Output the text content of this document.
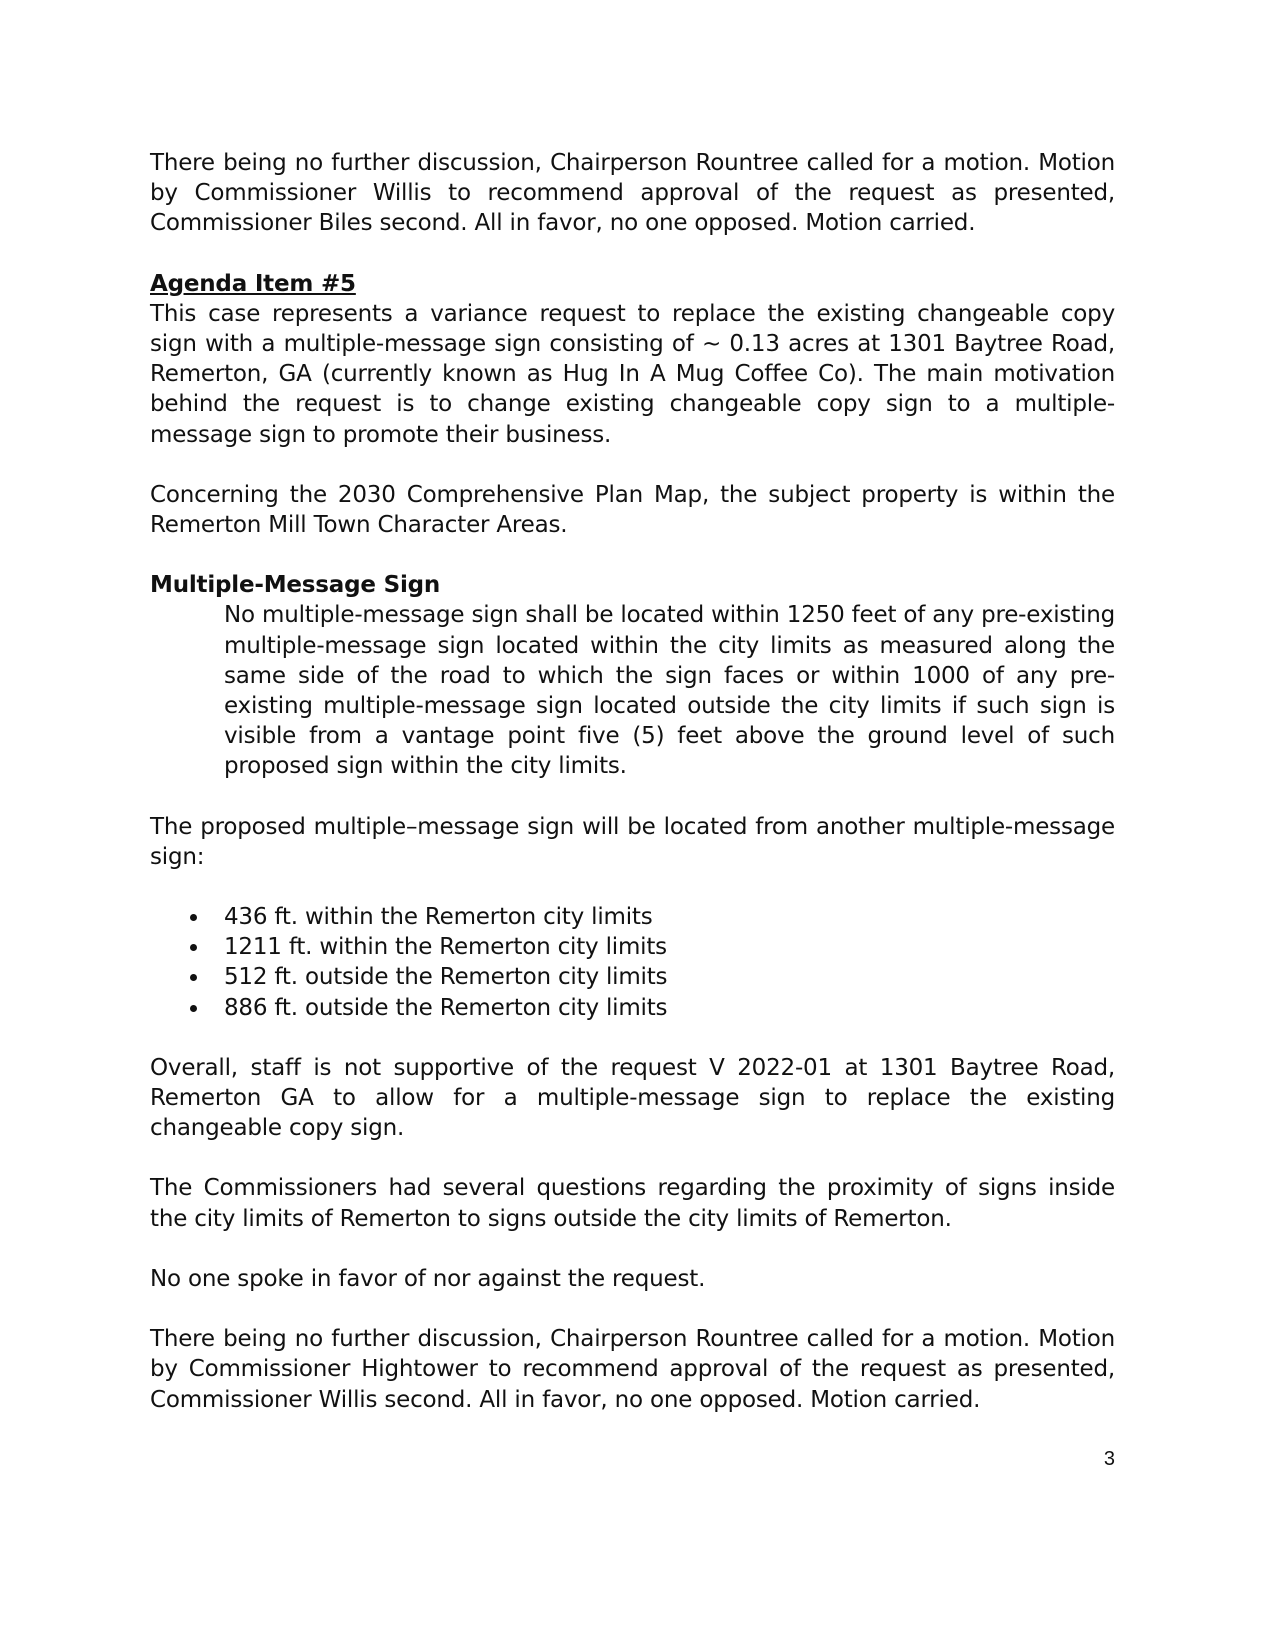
There being no further discussion, Chairperson Rountree called for a motion. Motion by Commissioner Willis to recommend approval of the request as presented, Commissioner Biles second. All in favor, no one opposed. Motion carried.

Agenda Item #5

This case represents a variance request to replace the existing changeable copy sign with a multiple-message sign consisting of ~ 0.13 acres at 1301 Baytree Road, Remerton, GA (currently known as Hug In A Mug Coffee Co). The main motivation behind the request is to change existing changeable copy sign to a multiple-message sign to promote their business.

Concerning the 2030 Comprehensive Plan Map, the subject property is within the Remerton Mill Town Character Areas.

Multiple-Message Sign

No multiple-message sign shall be located within 1250 feet of any pre-existing multiple-message sign located within the city limits as measured along the same side of the road to which the sign faces or within 1000 of any pre-existing multiple-message sign located outside the city limits if such sign is visible from a vantage point five (5) feet above the ground level of such proposed sign within the city limits.

The proposed multiple–message sign will be located from another multiple-message sign:

436 ft. within the Remerton city limits
1211 ft. within the Remerton city limits
512 ft. outside the Remerton city limits
886 ft. outside the Remerton city limits

Overall, staff is not supportive of the request V 2022-01 at 1301 Baytree Road, Remerton GA to allow for a multiple-message sign to replace the existing changeable copy sign.

The Commissioners had several questions regarding the proximity of signs inside the city limits of Remerton to signs outside the city limits of Remerton.

No one spoke in favor of nor against the request.

There being no further discussion, Chairperson Rountree called for a motion. Motion by Commissioner Hightower to recommend approval of the request as presented, Commissioner Willis second. All in favor, no one opposed. Motion carried.

3
